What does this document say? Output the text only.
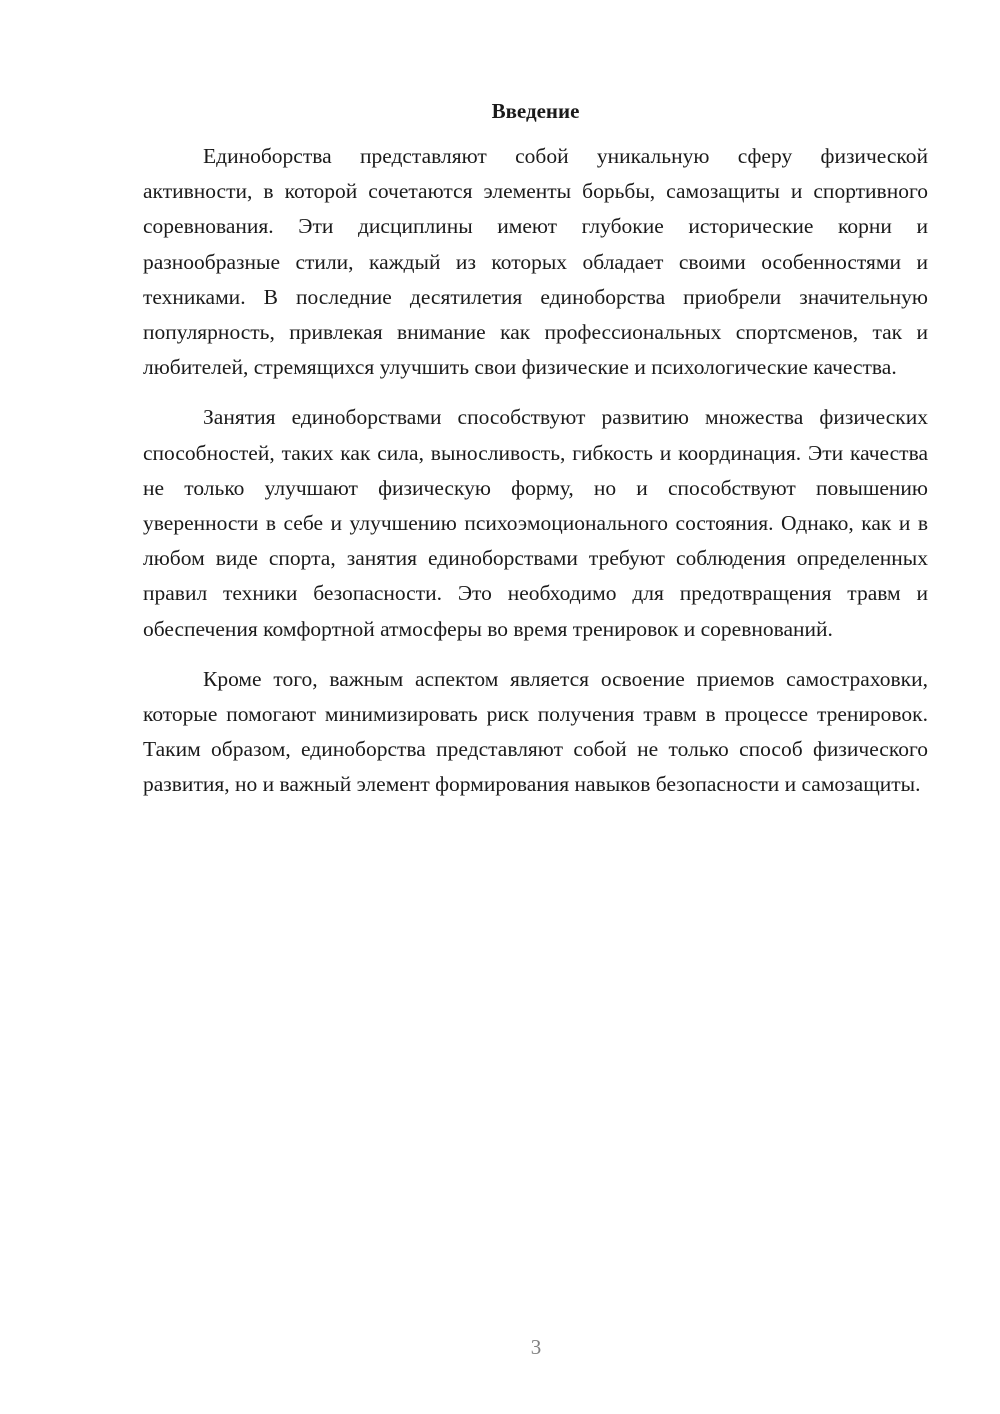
Введение

Единоборства представляют собой уникальную сферу физической активности, в которой сочетаются элементы борьбы, самозащиты и спортивного соревнования. Эти дисциплины имеют глубокие исторические корни и разнообразные стили, каждый из которых обладает своими особенностями и техниками. В последние десятилетия единоборства приобрели значительную популярность, привлекая внимание как профессиональных спортсменов, так и любителей, стремящихся улучшить свои физические и психологические качества.

Занятия единоборствами способствуют развитию множества физических способностей, таких как сила, выносливость, гибкость и координация. Эти качества не только улучшают физическую форму, но и способствуют повышению уверенности в себе и улучшению психоэмоционального состояния. Однако, как и в любом виде спорта, занятия единоборствами требуют соблюдения определенных правил техники безопасности. Это необходимо для предотвращения травм и обеспечения комфортной атмосферы во время тренировок и соревнований.

Кроме того, важным аспектом является освоение приемов самостраховки, которые помогают минимизировать риск получения травм в процессе тренировок. Таким образом, единоборства представляют собой не только способ физического развития, но и важный элемент формирования навыков безопасности и самозащиты.

3
